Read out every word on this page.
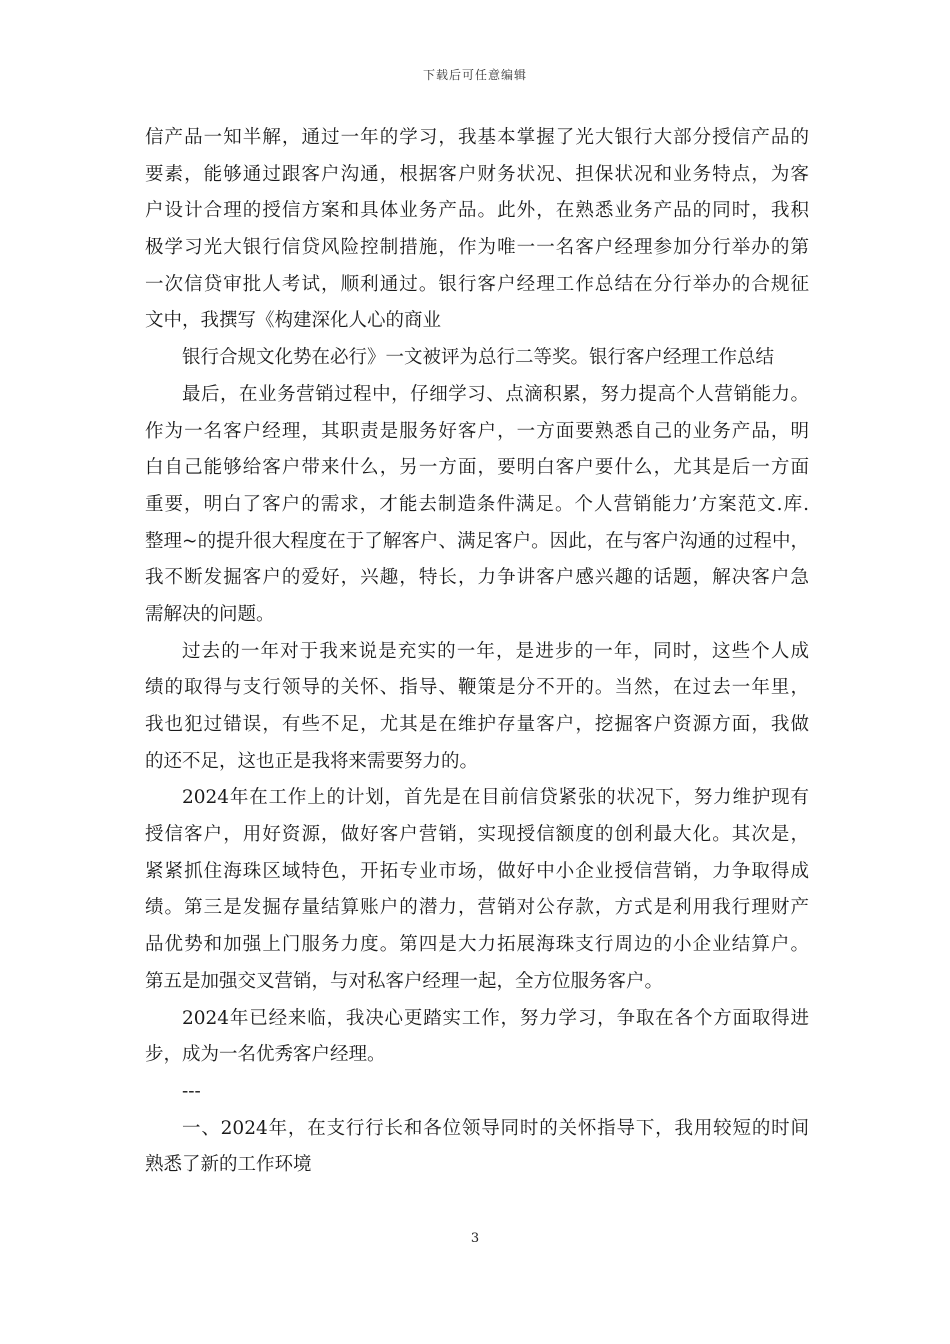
下载后可任意编辑
信产品一知半解，通过一年的学习，我基本掌握了光大银行大部分授信产品的
要素，能够通过跟客户沟通，根据客户财务状况、担保状况和业务特点，为客
户设计合理的授信方案和具体业务产品。此外，在熟悉业务产品的同时，我积
极学习光大银行信贷风险控制措施，作为唯一一名客户经理参加分行举办的第
一次信贷审批人考试，顺利通过。银行客户经理工作总结在分行举办的合规征
文中，我撰写《构建深化人心的商业
银行合规文化势在必行》一文被评为总行二等奖。银行客户经理工作总结
最后，在业务营销过程中，仔细学习、点滴积累，努力提高个人营销能力。
作为一名客户经理，其职责是服务好客户，一方面要熟悉自己的业务产品，明
白自己能够给客户带来什么，另一方面，要明白客户要什么，尤其是后一方面
重要，明白了客户的需求，才能去制造条件满足。个人营销能力’方案范文.库.
整理~的提升很大程度在于了解客户、满足客户。因此，在与客户沟通的过程中，
我不断发掘客户的爱好，兴趣，特长，力争讲客户感兴趣的话题，解决客户急
需解决的问题。
过去的一年对于我来说是充实的一年，是进步的一年，同时，这些个人成
绩的取得与支行领导的关怀、指导、鞭策是分不开的。当然，在过去一年里，
我也犯过错误，有些不足，尤其是在维护存量客户，挖掘客户资源方面，我做
的还不足，这也正是我将来需要努力的。
2024年在工作上的计划，首先是在目前信贷紧张的状况下，努力维护现有
授信客户，用好资源，做好客户营销，实现授信额度的创利最大化。其次是，
紧紧抓住海珠区域特色，开拓专业市场，做好中小企业授信营销，力争取得成
绩。第三是发掘存量结算账户的潜力，营销对公存款，方式是利用我行理财产
品优势和加强上门服务力度。第四是大力拓展海珠支行周边的小企业结算户。
第五是加强交叉营销，与对私客户经理一起，全方位服务客户。
2024年已经来临，我决心更踏实工作，努力学习，争取在各个方面取得进
步，成为一名优秀客户经理。
---
一、2024年，在支行行长和各位领导同时的关怀指导下，我用较短的时间
熟悉了新的工作环境
3
